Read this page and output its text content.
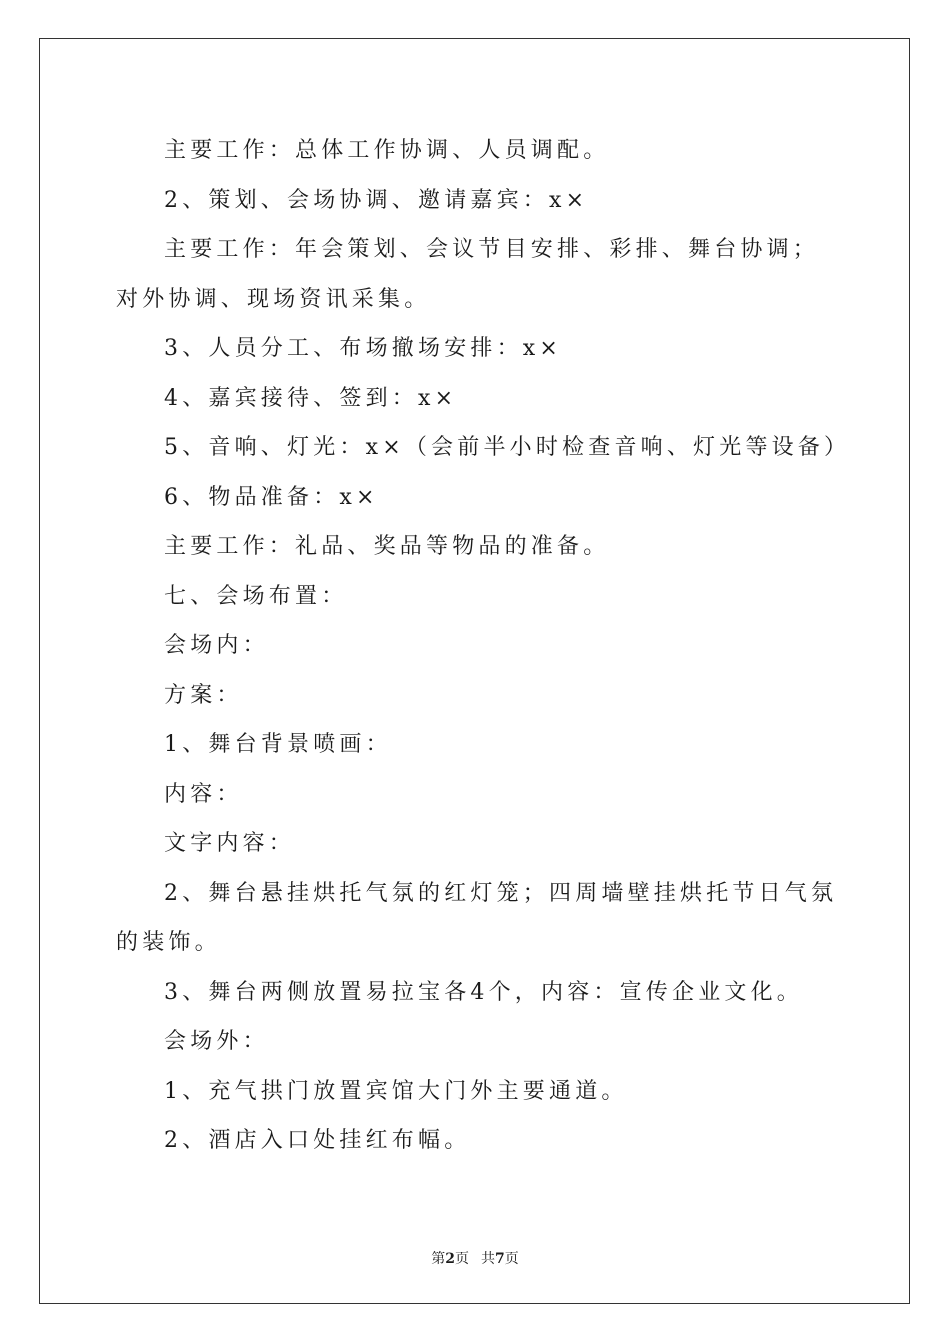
主要工作：总体工作协调、人员调配。

2、策划、会场协调、邀请嘉宾：x×

主要工作：年会策划、会议节目安排、彩排、舞台协调；对外协调、现场资讯采集。

3、人员分工、布场撤场安排：x×

4、嘉宾接待、签到：x×

5、音响、灯光：x×（会前半小时检查音响、灯光等设备）

6、物品准备：x×

主要工作：礼品、奖品等物品的准备。

七、会场布置：

会场内：

方案：

1、舞台背景喷画：

内容：

文字内容：

2、舞台悬挂烘托气氛的红灯笼；四周墙壁挂烘托节日气氛的装饰。

3、舞台两侧放置易拉宝各4个，内容：宣传企业文化。

会场外：

1、充气拱门放置宾馆大门外主要通道。

2、酒店入口处挂红布幅。

第2页 共7页
